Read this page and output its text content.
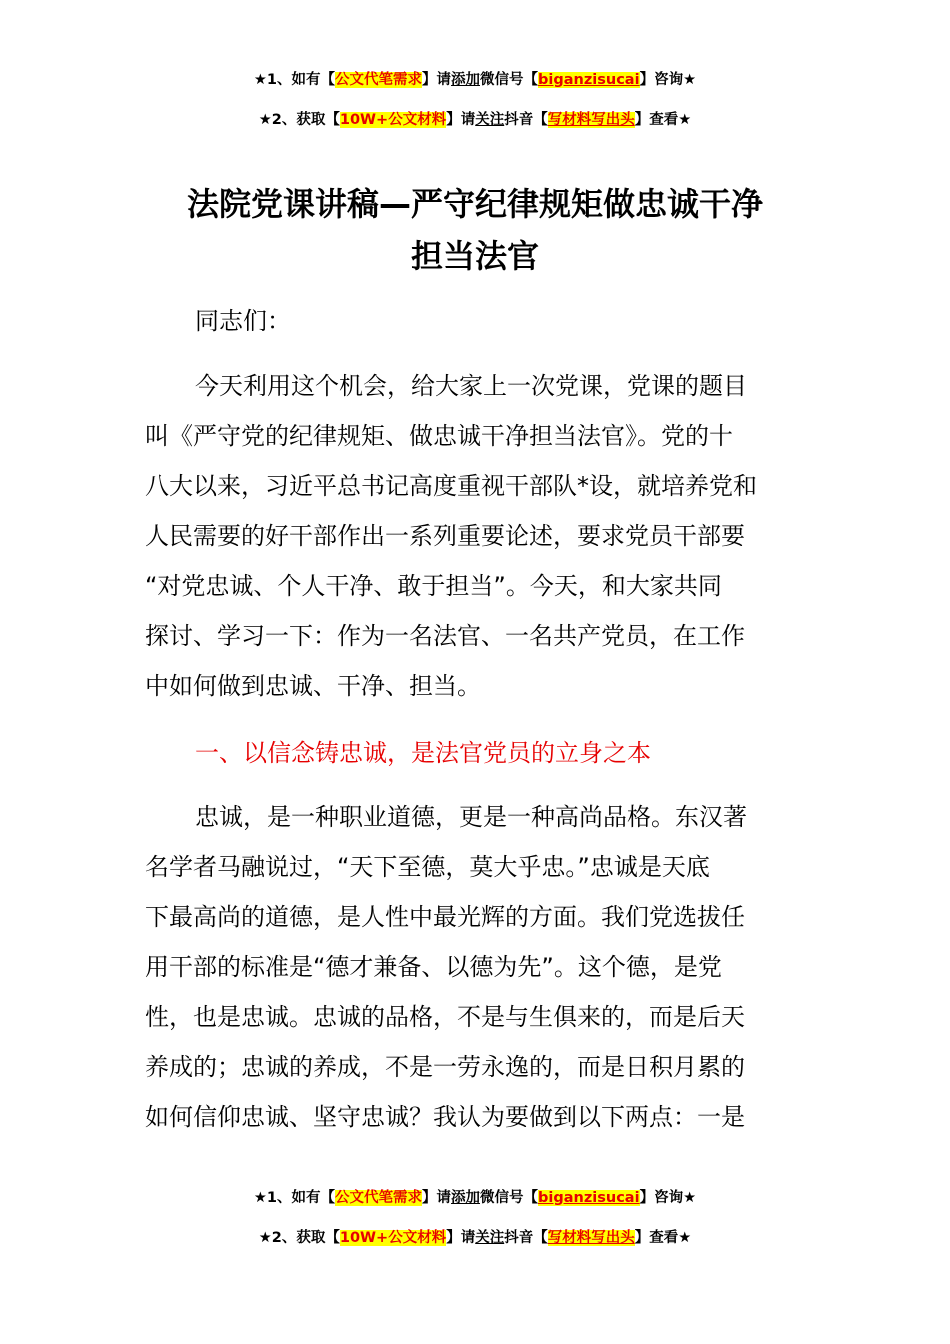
★1、如有【公文代笔需求】请添加微信号【biganzisucai】咨询★
★2、获取【10W+公文材料】请关注抖音【写材料写出头】查看★
法院党课讲稿—严守纪律规矩做忠诚干净
担当法官
同志们：
今天利用这个机会，给大家上一次党课，党课的题目
叫《严守党的纪律规矩、做忠诚干净担当法官》。党的十
八大以来，习近平总书记高度重视干部队*设，就培养党和
人民需要的好干部作出一系列重要论述，要求党员干部要
“对党忠诚、个人干净、敢于担当”。今天，和大家共同
探讨、学习一下：作为一名法官、一名共产党员，在工作
中如何做到忠诚、干净、担当。
一、以信念铸忠诚，是法官党员的立身之本
忠诚，是一种职业道德，更是一种高尚品格。东汉著
名学者马融说过，“天下至德，莫大乎忠。”忠诚是天底
下最高尚的道德，是人性中最光辉的方面。我们党选拔任
用干部的标准是“德才兼备、以德为先”。这个德，是党
性，也是忠诚。忠诚的品格，不是与生俱来的，而是后天
养成的；忠诚的养成，不是一劳永逸的，而是日积月累的
如何信仰忠诚、坚守忠诚？我认为要做到以下两点：一是
★1、如有【公文代笔需求】请添加微信号【biganzisucai】咨询★
★2、获取【10W+公文材料】请关注抖音【写材料写出头】查看★
